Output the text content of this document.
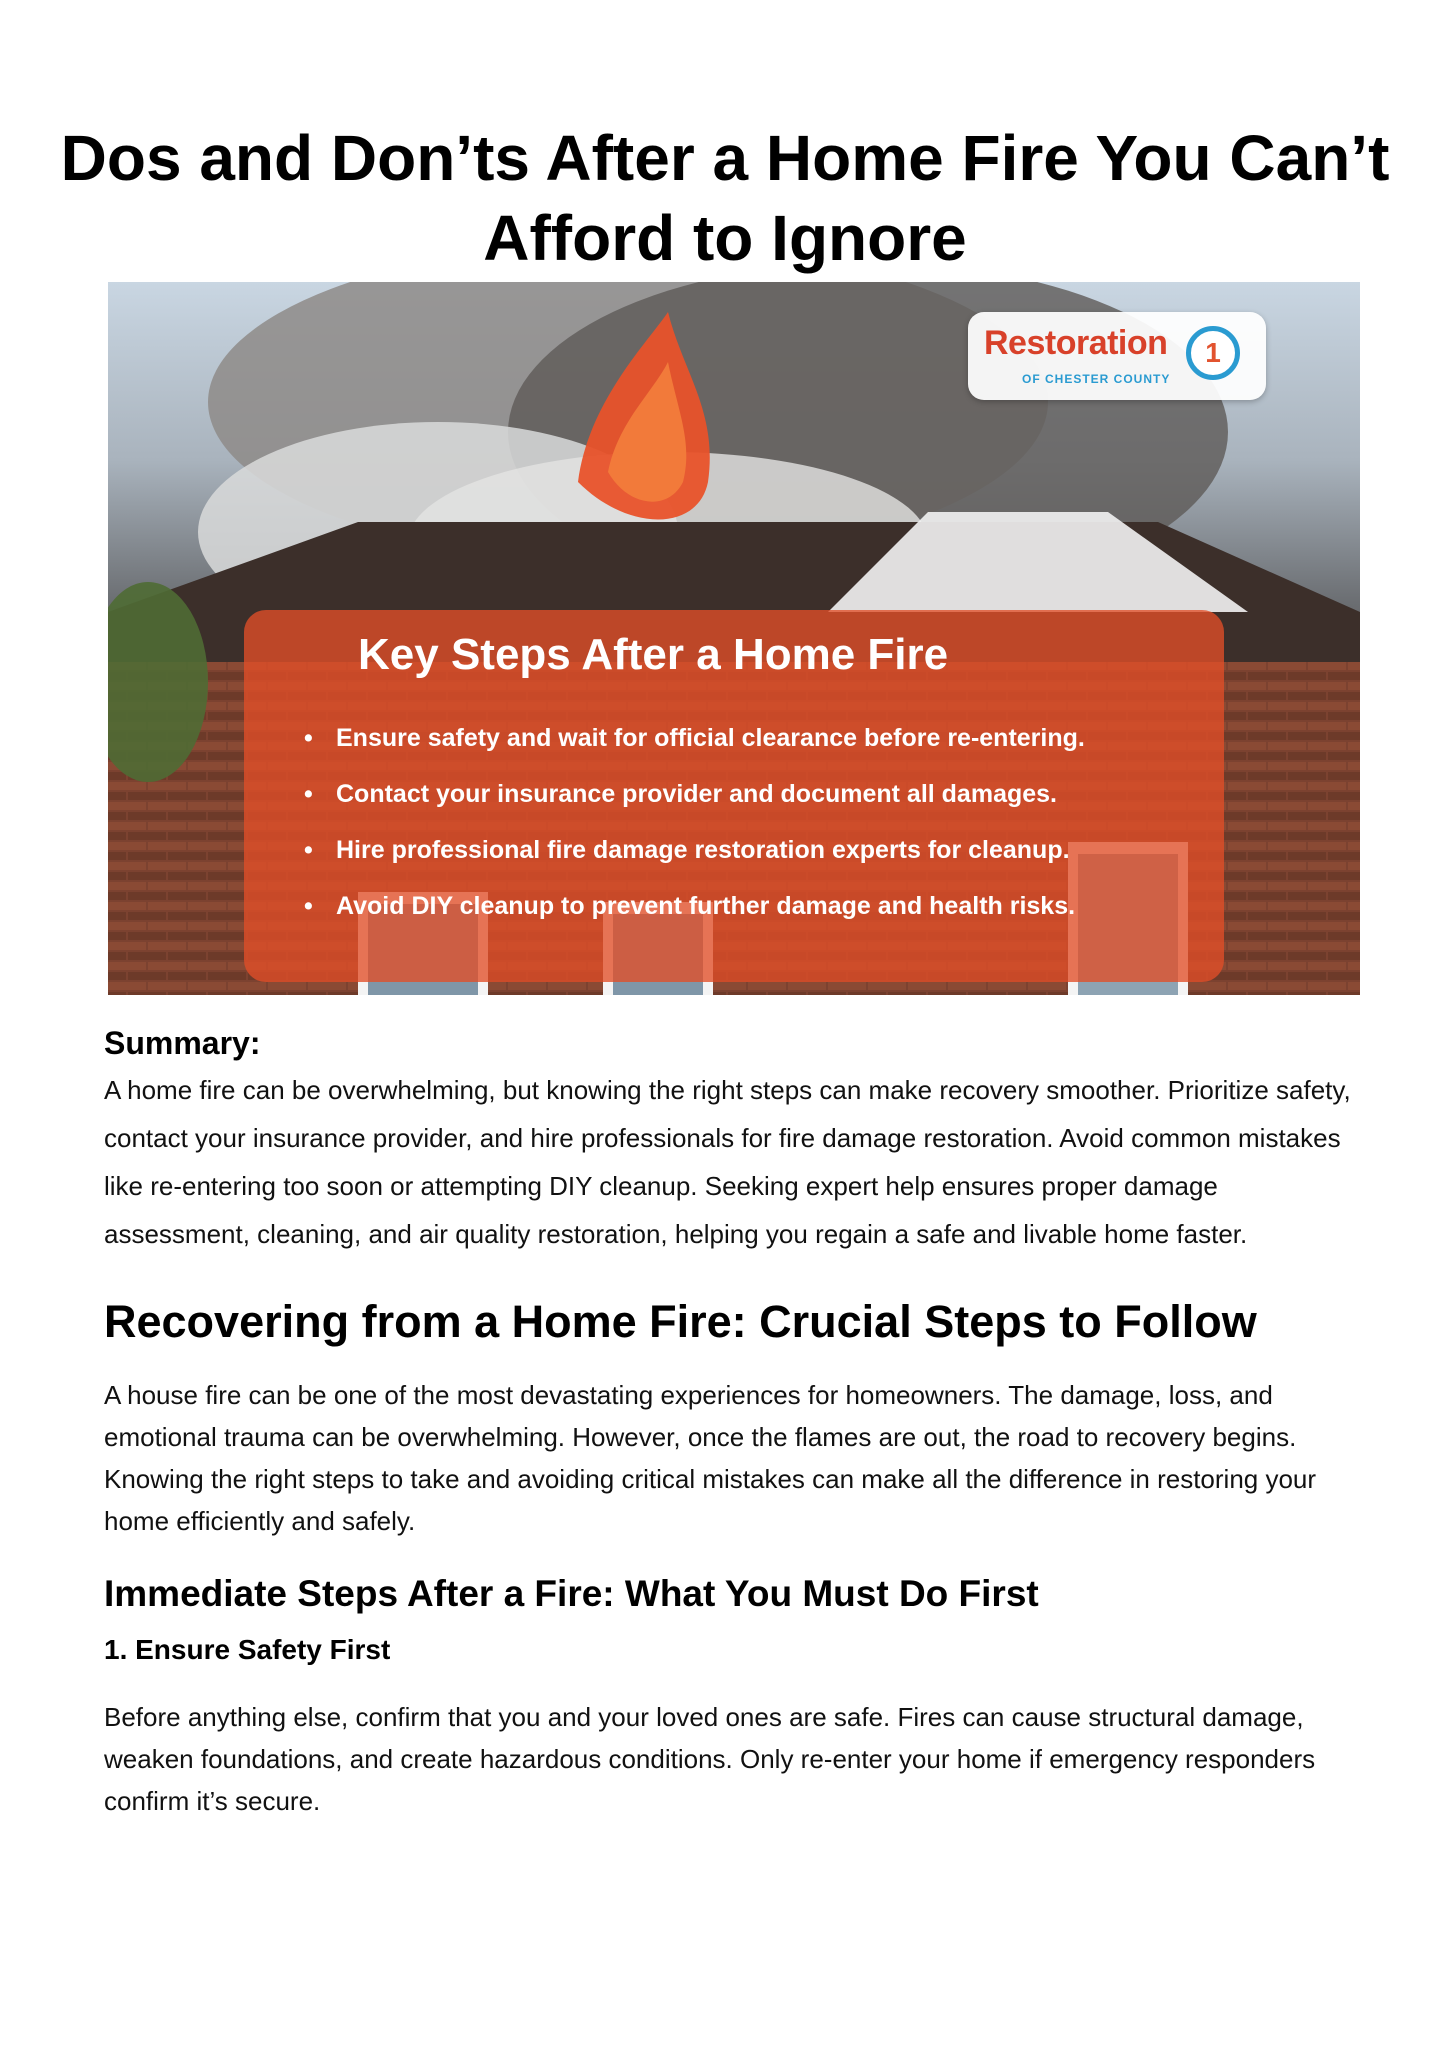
Dos and Don’ts After a Home Fire You Can’t Afford to Ignore
Restoration	1
OF CHESTER COUNTY
Key Steps After a Home Fire
• Ensure safety and wait for official clearance before re-entering.
• Contact your insurance provider and document all damages.
• Hire professional fire damage restoration experts for cleanup.
• Avoid DIY cleanup to prevent further damage and health risks.
Summary:

A home fire can be overwhelming, but knowing the right steps can make recovery smoother. Prioritize safety, contact your insurance provider, and hire professionals for fire damage restoration. Avoid common mistakes like re-entering too soon or attempting DIY cleanup. Seeking expert help ensures proper damage assessment, cleaning, and air quality restoration, helping you regain a safe and livable home faster.

Recovering from a Home Fire: Crucial Steps to Follow

A house fire can be one of the most devastating experiences for homeowners. The damage, loss, and emotional trauma can be overwhelming. However, once the flames are out, the road to recovery begins. Knowing the right steps to take and avoiding critical mistakes can make all the difference in restoring your home efficiently and safely.

Immediate Steps After a Fire: What You Must Do First
1. Ensure Safety First

Before anything else, confirm that you and your loved ones are safe. Fires can cause structural damage, weaken foundations, and create hazardous conditions. Only re-enter your home if emergency responders confirm it’s secure.
